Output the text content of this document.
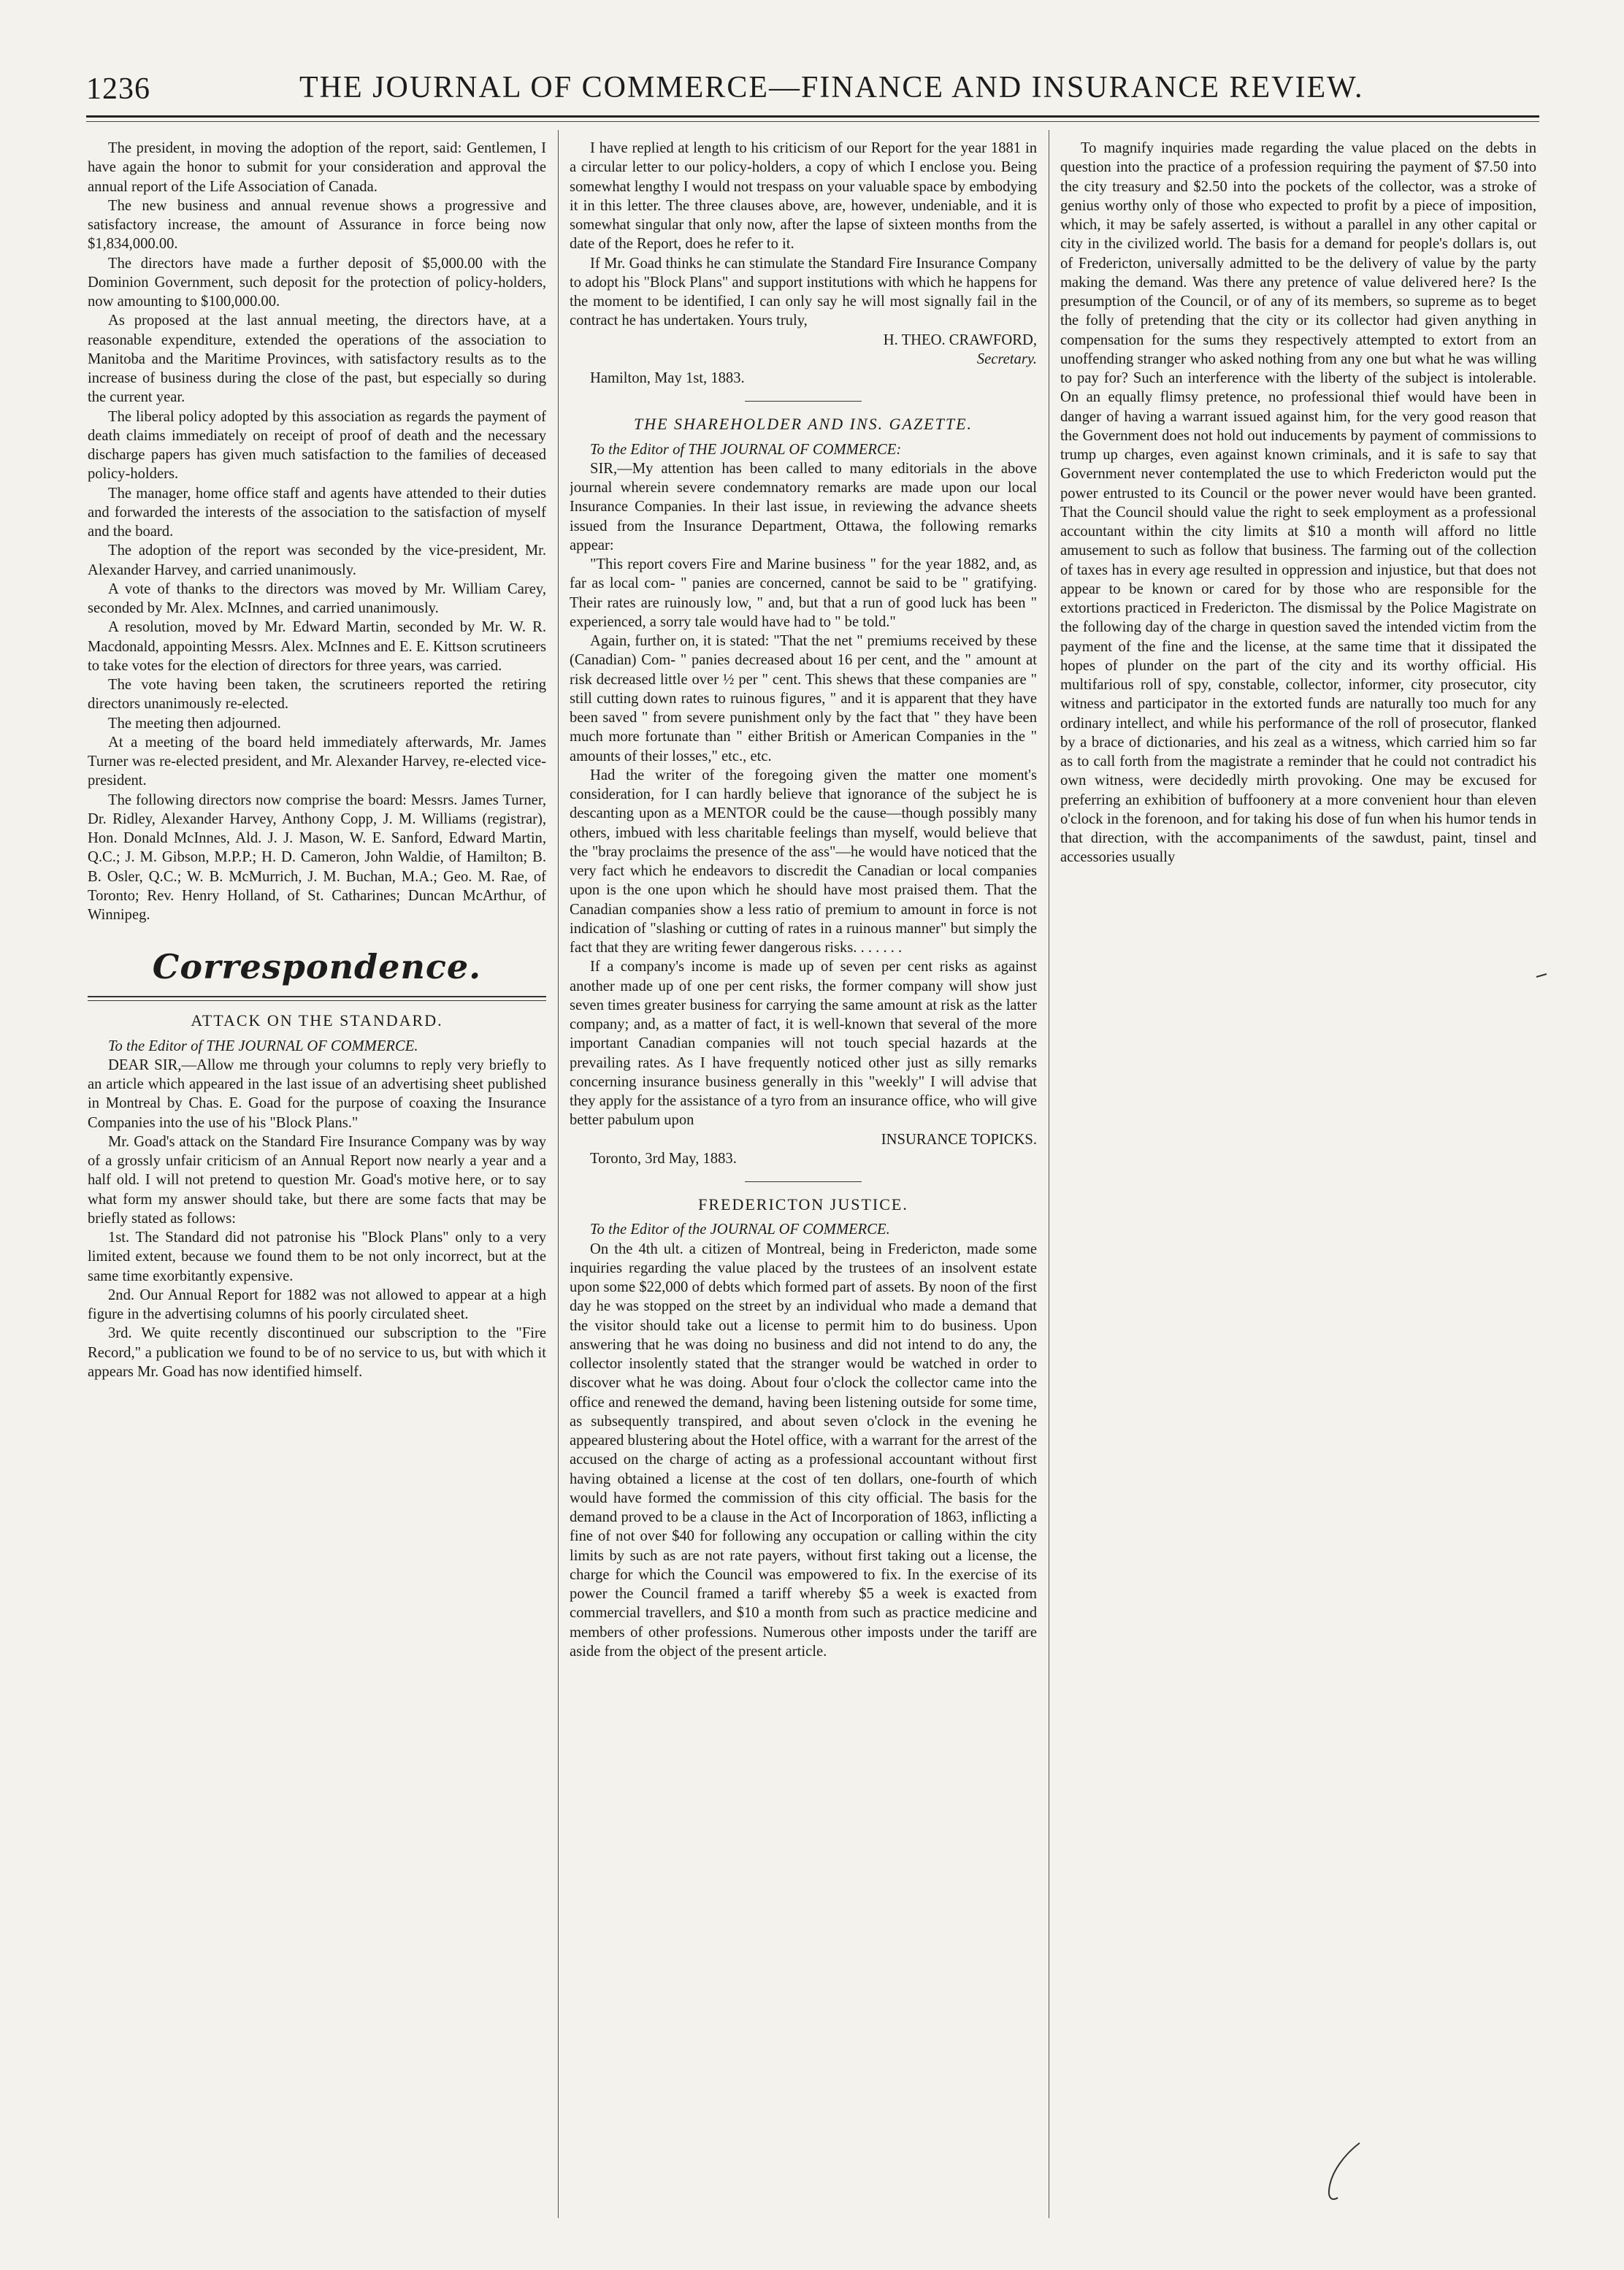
1236	THE JOURNAL OF COMMERCE—FINANCE AND INSURANCE REVIEW.

The president, in moving the adoption of the report, said: Gentlemen, I have again the honor to submit for your consideration and approval the annual report of the Life Association of Canada.

The new business and annual revenue shows a progressive and satisfactory increase, the amount of Assurance in force being now $1,834,000.00.

The directors have made a further deposit of $5,000.00 with the Dominion Government, such deposit for the protection of policy-holders, now amounting to $100,000.00.

As proposed at the last annual meeting, the directors have, at a reasonable expenditure, extended the operations of the association to Manitoba and the Maritime Provinces, with satisfactory results as to the increase of business during the close of the past, but especially so during the current year.

The liberal policy adopted by this association as regards the payment of death claims immediately on receipt of proof of death and the necessary discharge papers has given much satisfaction to the families of deceased policy-holders.

The manager, home office staff and agents have attended to their duties and forwarded the interests of the association to the satisfaction of myself and the board.

The adoption of the report was seconded by the vice-president, Mr. Alexander Harvey, and carried unanimously.

A vote of thanks to the directors was moved by Mr. William Carey, seconded by Mr. Alex. McInnes, and carried unanimously.

A resolution, moved by Mr. Edward Martin, seconded by Mr. W. R. Macdonald, appointing Messrs. Alex. McInnes and E. E. Kittson scrutineers to take votes for the election of directors for three years, was carried.

The vote having been taken, the scrutineers reported the retiring directors unanimously re-elected.

The meeting then adjourned.

At a meeting of the board held immediately afterwards, Mr. James Turner was re-elected president, and Mr. Alexander Harvey, re-elected vice-president.

The following directors now comprise the board: Messrs. James Turner, Dr. Ridley, Alexander Harvey, Anthony Copp, J. M. Williams (registrar), Hon. Donald McInnes, Ald. J. J. Mason, W. E. Sanford, Edward Martin, Q.C.; J. M. Gibson, M.P.P.; H. D. Cameron, John Waldie, of Hamilton; B. B. Osler, Q.C.; W. B. McMurrich, J. M. Buchan, M.A.; Geo. M. Rae, of Toronto; Rev. Henry Holland, of St. Catharines; Duncan McArthur, of Winnipeg.

Correspondence.
ATTACK ON THE STANDARD.

To the Editor of THE JOURNAL OF COMMERCE.

DEAR SIR,—Allow me through your columns to reply very briefly to an article which appeared in the last issue of an advertising sheet published in Montreal by Chas. E. Goad for the purpose of coaxing the Insurance Companies into the use of his "Block Plans."

Mr. Goad's attack on the Standard Fire Insurance Company was by way of a grossly unfair criticism of an Annual Report now nearly a year and a half old. I will not pretend to question Mr. Goad's motive here, or to say what form my answer should take, but there are some facts that may be briefly stated as follows:

1st. The Standard did not patronise his "Block Plans" only to a very limited extent, because we found them to be not only incorrect, but at the same time exorbitantly expensive.

2nd. Our Annual Report for 1882 was not allowed to appear at a high figure in the advertising columns of his poorly circulated sheet.

3rd. We quite recently discontinued our subscription to the "Fire Record," a publication we found to be of no service to us, but with which it appears Mr. Goad has now identified himself.

I have replied at length to his criticism of our Report for the year 1881 in a circular letter to our policy-holders, a copy of which I enclose you. Being somewhat lengthy I would not trespass on your valuable space by embodying it in this letter. The three clauses above, are, however, undeniable, and it is somewhat singular that only now, after the lapse of sixteen months from the date of the Report, does he refer to it.

If Mr. Goad thinks he can stimulate the Standard Fire Insurance Company to adopt his "Block Plans" and support institutions with which he happens for the moment to be identified, I can only say he will most signally fail in the contract he has undertaken. Yours truly,

H. THEO. CRAWFORD,

Secretary.

Hamilton, May 1st, 1883.

THE SHAREHOLDER AND INS. GAZETTE.

To the Editor of THE JOURNAL OF COMMERCE:

SIR,—My attention has been called to many editorials in the above journal wherein severe condemnatory remarks are made upon our local Insurance Companies. In their last issue, in reviewing the advance sheets issued from the Insurance Department, Ottawa, the following remarks appear:

"This report covers Fire and Marine business " for the year 1882, and, as far as local com- " panies are concerned, cannot be said to be " gratifying. Their rates are ruinously low, " and, but that a run of good luck has been " experienced, a sorry tale would have had to " be told."

Again, further on, it is stated: "That the net " premiums received by these (Canadian) Com- " panies decreased about 16 per cent, and the " amount at risk decreased little over ½ per " cent. This shews that these companies are " still cutting down rates to ruinous figures, " and it is apparent that they have been saved " from severe punishment only by the fact that " they have been much more fortunate than " either British or American Companies in the " amounts of their losses," etc., etc.

Had the writer of the foregoing given the matter one moment's consideration, for I can hardly believe that ignorance of the subject he is descanting upon as a MENTOR could be the cause—though possibly many others, imbued with less charitable feelings than myself, would believe that the "bray proclaims the presence of the ass"—he would have noticed that the very fact which he endeavors to discredit the Canadian or local companies upon is the one upon which he should have most praised them. That the Canadian companies show a less ratio of premium to amount in force is not indication of "slashing or cutting of rates in a ruinous manner" but simply the fact that they are writing fewer dangerous risks. . . . . . .

If a company's income is made up of seven per cent risks as against another made up of one per cent risks, the former company will show just seven times greater business for carrying the same amount at risk as the latter company; and, as a matter of fact, it is well-known that several of the more important Canadian companies will not touch special hazards at the prevailing rates. As I have frequently noticed other just as silly remarks concerning insurance business generally in this "weekly" I will advise that they apply for the assistance of a tyro from an insurance office, who will give better pabulum upon

INSURANCE TOPICKS.

Toronto, 3rd May, 1883.

FREDERICTON JUSTICE.

To the Editor of the JOURNAL OF COMMERCE.

On the 4th ult. a citizen of Montreal, being in Fredericton, made some inquiries regarding the value placed by the trustees of an insolvent estate upon some $22,000 of debts which formed part of assets. By noon of the first day he was stopped on the street by an individual who made a demand that the visitor should take out a license to permit him to do business. Upon answering that he was doing no business and did not intend to do any, the collector insolently stated that the stranger would be watched in order to discover what he was doing. About four o'clock the collector came into the office and renewed the demand, having been listening outside for some time, as subsequently transpired, and about seven o'clock in the evening he appeared blustering about the Hotel office, with a warrant for the arrest of the accused on the charge of acting as a professional accountant without first having obtained a license at the cost of ten dollars, one-fourth of which would have formed the commission of this city official. The basis for the demand proved to be a clause in the Act of Incorporation of 1863, inflicting a fine of not over $40 for following any occupation or calling within the city limits by such as are not rate payers, without first taking out a license, the charge for which the Council was empowered to fix. In the exercise of its power the Council framed a tariff whereby $5 a week is exacted from commercial travellers, and $10 a month from such as practice medicine and members of other professions. Numerous other imposts under the tariff are aside from the object of the present article.

To magnify inquiries made regarding the value placed on the debts in question into the practice of a profession requiring the payment of $7.50 into the city treasury and $2.50 into the pockets of the collector, was a stroke of genius worthy only of those who expected to profit by a piece of imposition, which, it may be safely asserted, is without a parallel in any other capital or city in the civilized world. The basis for a demand for people's dollars is, out of Fredericton, universally admitted to be the delivery of value by the party making the demand. Was there any pretence of value delivered here? Is the presumption of the Council, or of any of its members, so supreme as to beget the folly of pretending that the city or its collector had given anything in compensation for the sums they respectively attempted to extort from an unoffending stranger who asked nothing from any one but what he was willing to pay for? Such an interference with the liberty of the subject is intolerable. On an equally flimsy pretence, no professional thief would have been in danger of having a warrant issued against him, for the very good reason that the Government does not hold out inducements by payment of commissions to trump up charges, even against known criminals, and it is safe to say that Government never contemplated the use to which Fredericton would put the power entrusted to its Council or the power never would have been granted. That the Council should value the right to seek employment as a professional accountant within the city limits at $10 a month will afford no little amusement to such as follow that business. The farming out of the collection of taxes has in every age resulted in oppression and injustice, but that does not appear to be known or cared for by those who are responsible for the extortions practiced in Fredericton. The dismissal by the Police Magistrate on the following day of the charge in question saved the intended victim from the payment of the fine and the license, at the same time that it dissipated the hopes of plunder on the part of the city and its worthy official. His multifarious roll of spy, constable, collector, informer, city prosecutor, city witness and participator in the extorted funds are naturally too much for any ordinary intellect, and while his performance of the roll of prosecutor, flanked by a brace of dictionaries, and his zeal as a witness, which carried him so far as to call forth from the magistrate a reminder that he could not contradict his own witness, were decidedly mirth provoking. One may be excused for preferring an exhibition of buffoonery at a more convenient hour than eleven o'clock in the forenoon, and for taking his dose of fun when his humor tends in that direction, with the accompaniments of the sawdust, paint, tinsel and accessories usually
